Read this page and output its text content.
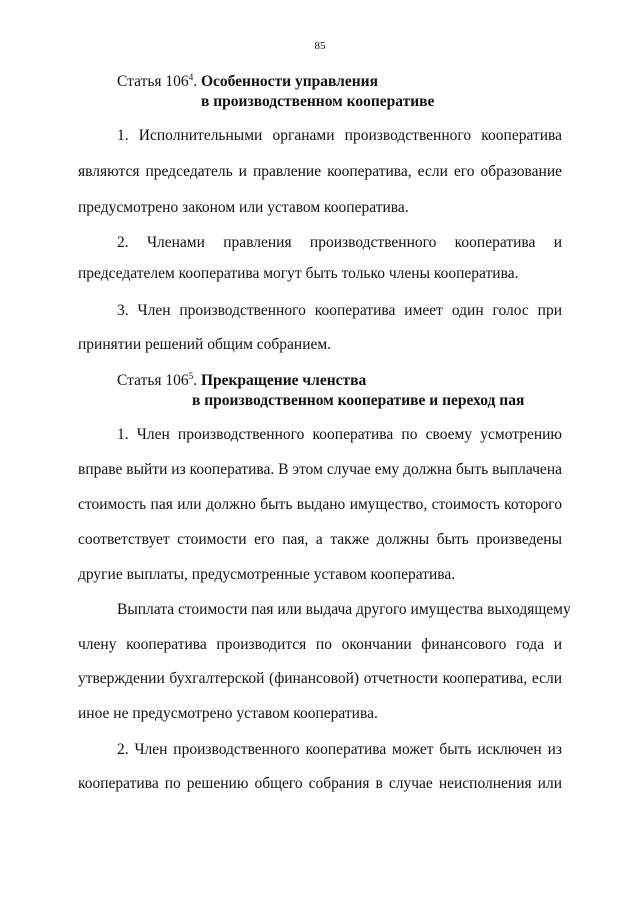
85
Статья $106^4$. Особенности управления
в производственном кооперативе
1. Исполнительными органами производственного кооператива
являются председатель и правление кооператива, если его образование
предусмотрено законом или уставом кооператива.
2. Членами правления производственного кооператива и
председателем кооператива могут быть только члены кооператива.
3. Член производственного кооператива имеет один голос при
принятии решений общим собранием.
Статья $106^5$. Прекращение членства
в производственном кооперативе и переход пая
1. Член производственного кооператива по своему усмотрению
вправе выйти из кооператива. В этом случае ему должна быть выплачена
стоимость пая или должно быть выдано имущество, стоимость которого
соответствует стоимости его пая, а также должны быть произведены
другие выплаты, предусмотренные уставом кооператива.
Выплата стоимости пая или выдача другого имущества выходящему
члену кооператива производится по окончании финансового года и
утверждении бухгалтерской (финансовой) отчетности кооператива, если
иное не предусмотрено уставом кооператива.
2. Член производственного кооператива может быть исключен из
кооператива по решению общего собрания в случае неисполнения или
